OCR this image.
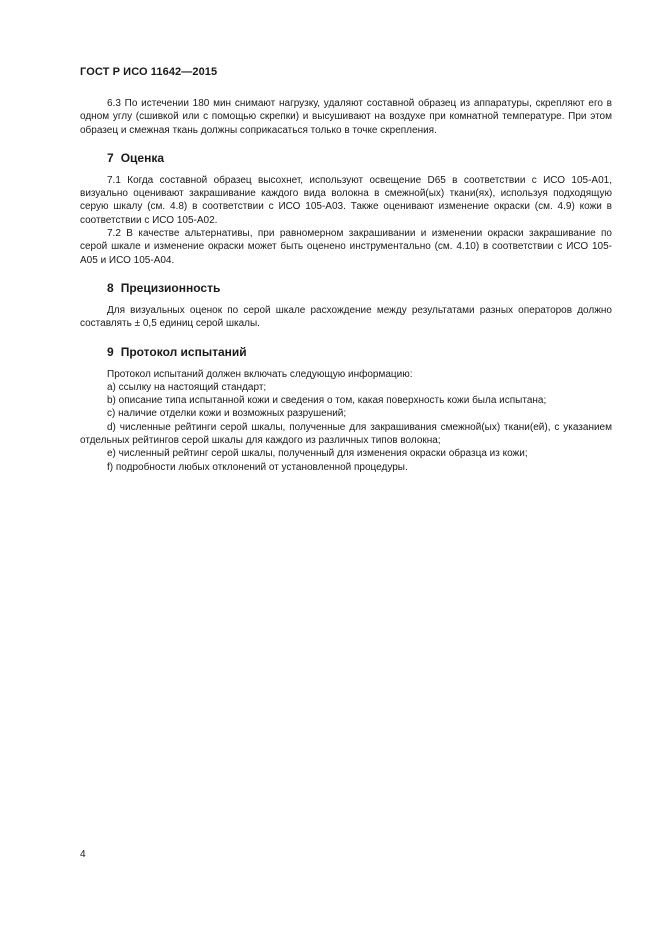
ГОСТ Р ИСО 11642—2015

6.3 По истечении 180 мин снимают нагрузку, удаляют составной образец из аппаратуры, скрепляют его в одном углу (сшивкой или с помощью скрепки) и высушивают на воздухе при комнатной температуре. При этом образец и смежная ткань должны соприкасаться только в точке скрепления.

7 Оценка

7.1 Когда составной образец высохнет, используют освещение D65 в соответствии с ИСО 105-А01, визуально оценивают закрашивание каждого вида волокна в смежной(ых) ткани(ях), используя подходящую серую шкалу (см. 4.8) в соответствии с ИСО 105-А03. Также оценивают изменение окраски (см. 4.9) кожи в соответствии с ИСО 105-А02.

7.2 В качестве альтернативы, при равномерном закрашивании и изменении окраски закрашивание по серой шкале и изменение окраски может быть оценено инструментально (см. 4.10) в соответствии с ИСО 105-А05 и ИСО 105-А04.

8 Прецизионность

Для визуальных оценок по серой шкале расхождение между результатами разных операторов должно составлять ± 0,5 единиц серой шкалы.

9 Протокол испытаний

Протокол испытаний должен включать следующую информацию:

a) ссылку на настоящий стандарт;

b) описание типа испытанной кожи и сведения о том, какая поверхность кожи была испытана;

c) наличие отделки кожи и возможных разрушений;

d) численные рейтинги серой шкалы, полученные для закрашивания смежной(ых) ткани(ей), с указанием отдельных рейтингов серой шкалы для каждого из различных типов волокна;

e) численный рейтинг серой шкалы, полученный для изменения окраски образца из кожи;

f) подробности любых отклонений от установленной процедуры.

4
